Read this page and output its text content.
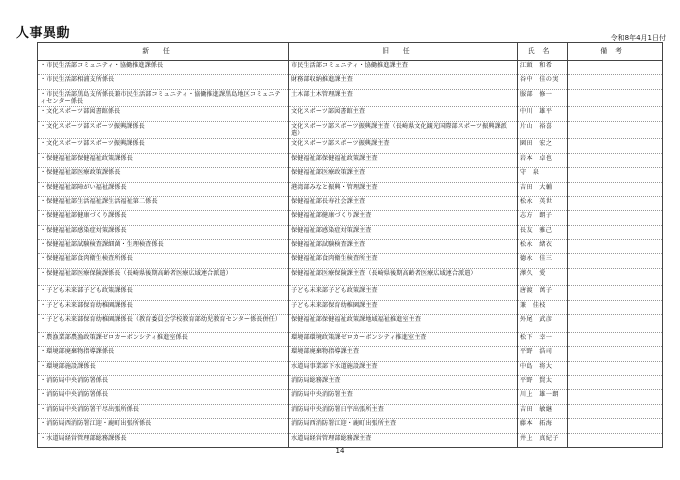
人事異動	令和8年4月1日付
新任	旧任	氏名	備考
・市民生活部コミュニティ・協働推進課係長	市民生活部コミュニティ・協働推進課主査	江頭　和希	
・市民生活部相浦支所係長	財務部収納推進課主査	谷中　佳の実	
・市民生活部黒島支所係長兼市民生活部コミュニティ・協働推進課黒島地区コミュニティセンター係長	土木部土木管理課主査	服部　修一	
・文化スポーツ部図書館係長	文化スポーツ部図書館主査	中川　雄平	
・文化スポーツ部スポーツ振興課係長	文化スポーツ部スポーツ振興課主査（長崎県文化観光国際部スポーツ振興課派遣）	片山　裕喜	
・文化スポーツ部スポーツ振興課係長	文化スポーツ部スポーツ振興課主査	園田　宏之	
・保健福祉部保健福祉政策課係長	保健福祉部保健福祉政策課主査	岩本　卓也	
・保健福祉部医療政策課係長	保健福祉部医療政策課主査	守　泉	
・保健福祉部障がい福祉課係長	港湾部みなと振興・管理課主査	吉田　大輔	
・保健福祉部生活福祉課生活福祉第二係長	保健福祉部長寿社会課主査	松永　英世	
・保健福祉部健康づくり課係長	保健福祉部健康づくり課主査	志方　朗子	
・保健福祉部感染症対策課係長	保健福祉部感染症対策課主査	長友　雅己	
・保健福祉部試験検査課細菌・生理検査係長	保健福祉部試験検査課主査	松永　緒衣	
・保健福祉部食肉衛生検査所係長	保健福祉部食肉衛生検査所主査	德永　佳三	
・保健福祉部医療保険課係長（長崎県後期高齢者医療広域連合派遣）	保健福祉部医療保険課主査（長崎県後期高齢者医療広域連合派遣）	澤久　愛	
・子ども未来部子ども政策課係長	子ども未来部子ども政策課主査	唐渡　萬子	
・子ども未来部保育幼稚園課係長	子ども未来部保育幼稚園課主査	兼　佳枝	
・子ども未来部保育幼稚園課係長（教育委員会学校教育部幼児教育センター係長併任）	保健福祉部保健福祉政策課地域福祉推進室主査	外尾　武彦	
・農漁業部農漁政策課ゼロカーボンシティ推進室係長	環境部環境政策課ゼロカーボンシティ推進室主査	松下　幸一	
・環境部廃棄物指導課係長	環境部廃棄物指導課主査	平野　浩司	
・環境部施設課係長	水道局事業部下水道施設課主査	中島　将大	
・消防局中央消防署係長	消防局総務課主査	平野　賢太	
・消防局中央消防署係長	消防局中央消防署主査	川上　雄一朗	
・消防局中央消防署干尽出張所係長	消防局中央消防署日宇出張所主査	吉田　敏継	
・消防局西消防署江迎・鹿町出張所係長	消防局西消防署江迎・鹿町出張所主査	藤本　拓海	
・水道局経営管理部総務課係長	水道局経営管理部総務課主査	井上　真紀子	
14
